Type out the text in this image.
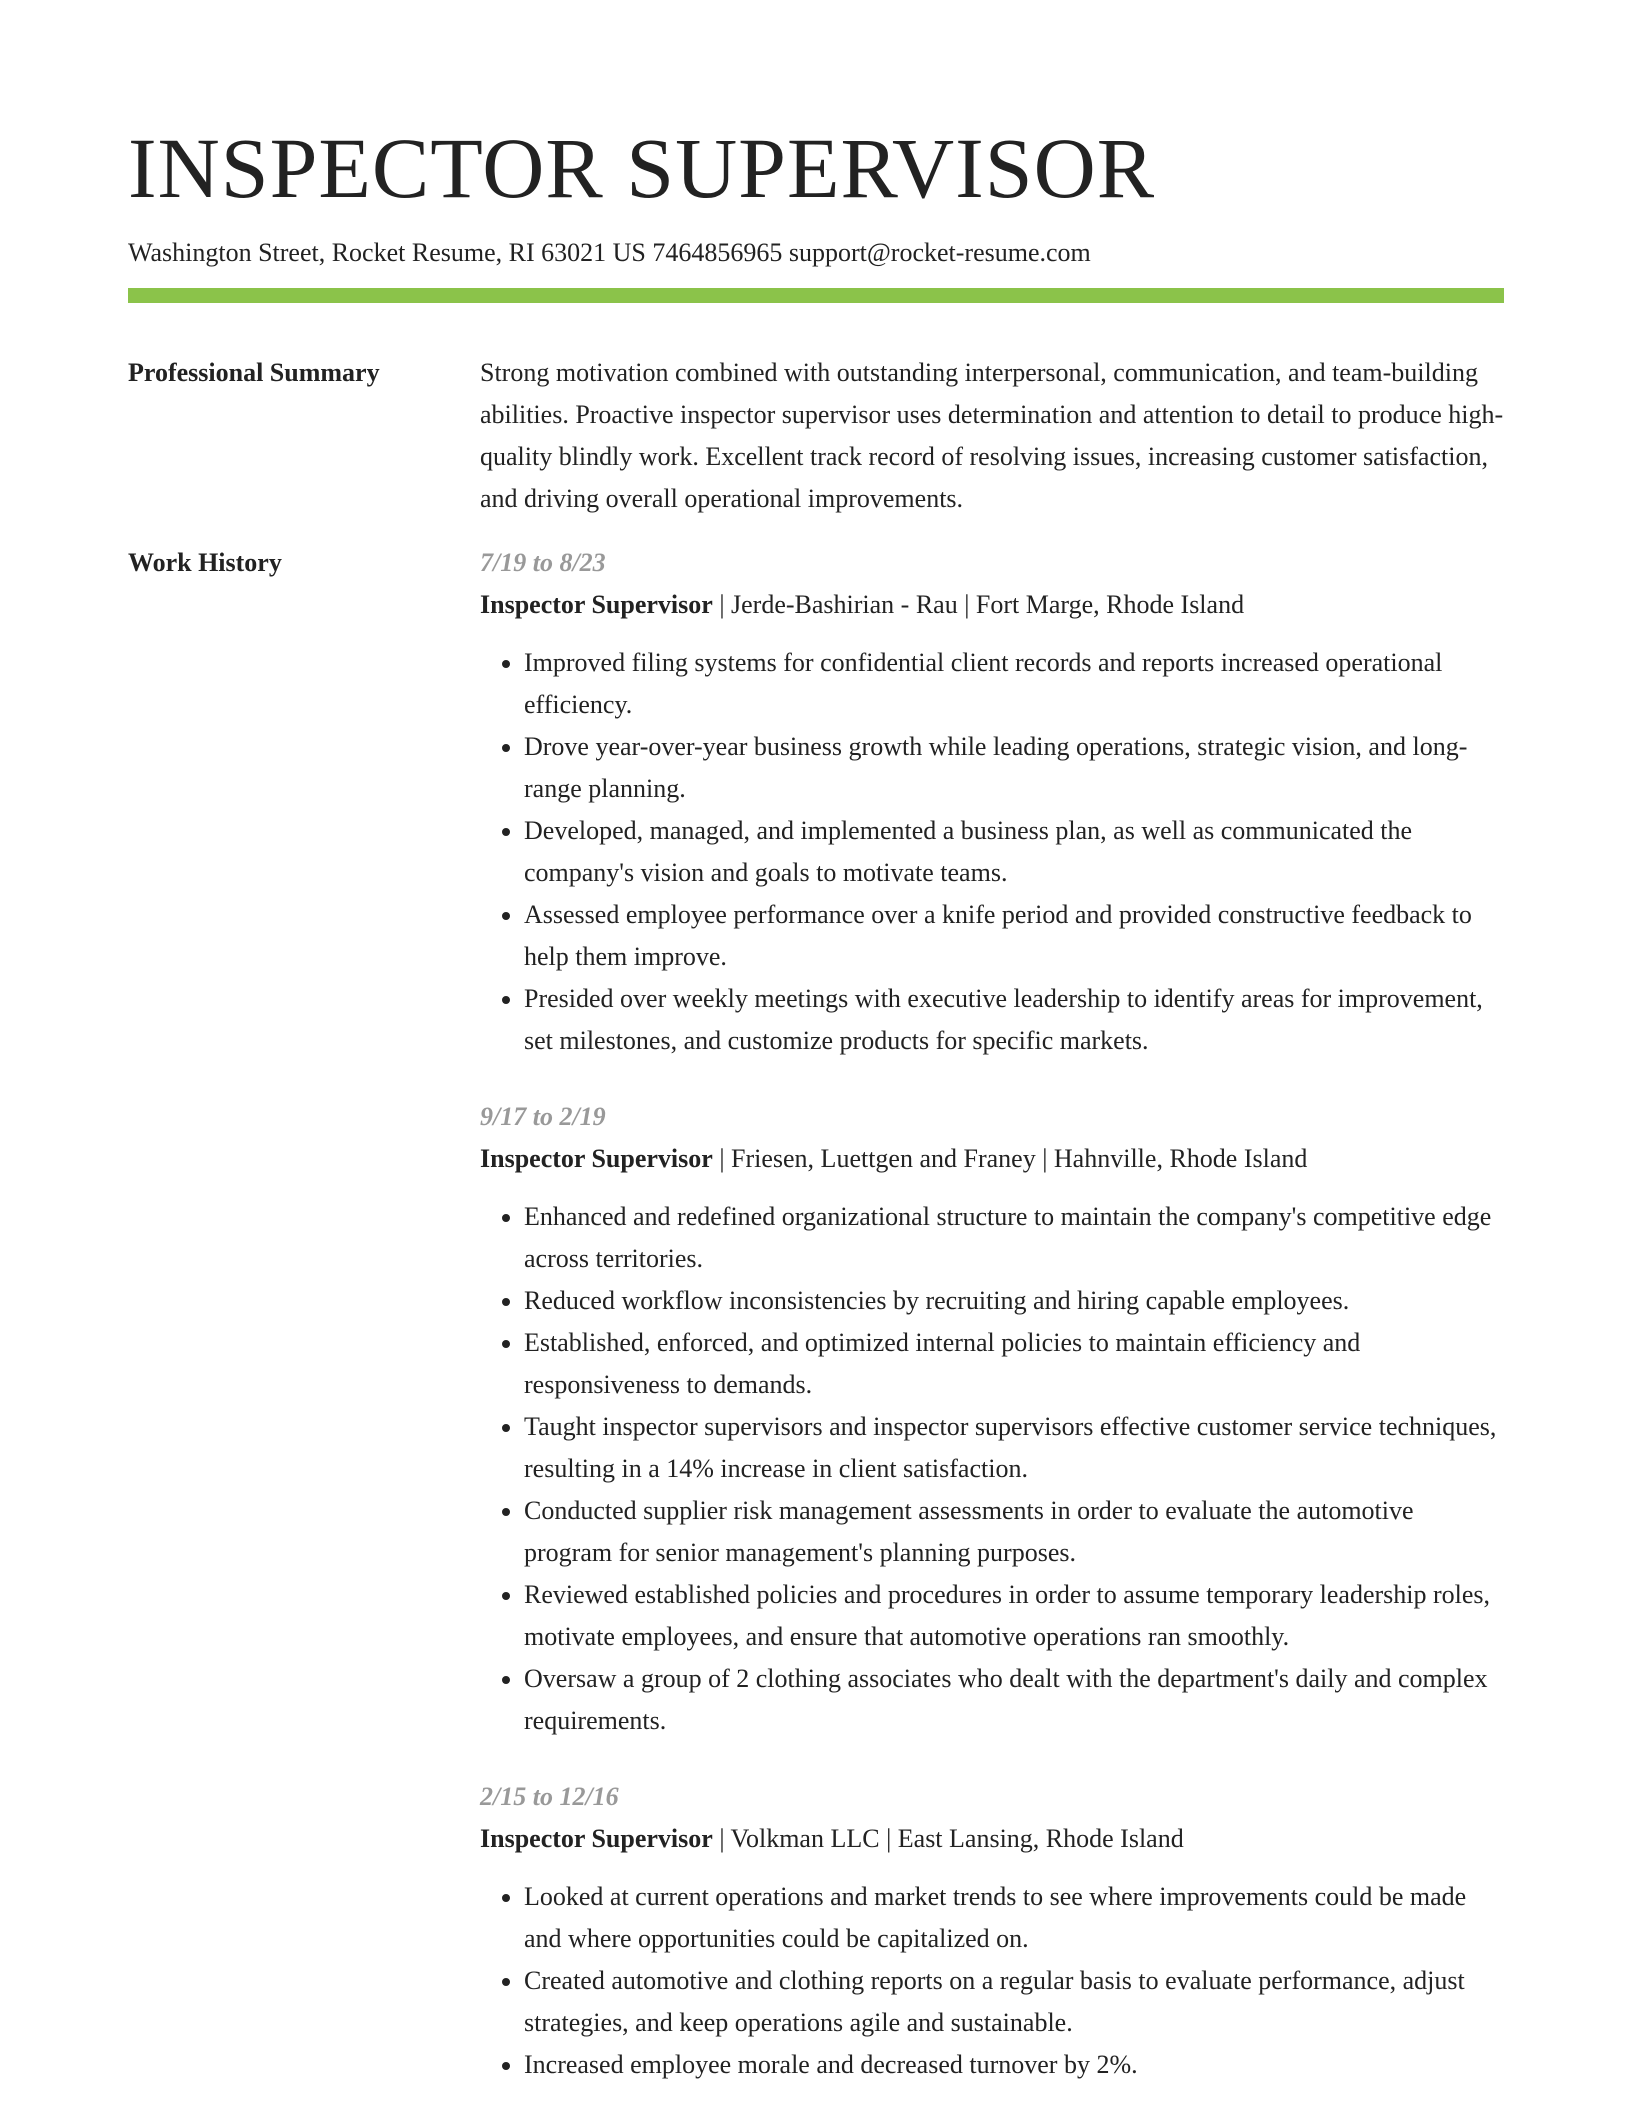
INSPECTOR SUPERVISOR
Washington Street, Rocket Resume, RI 63021 US 7464856965 support@rocket-resume.com
Professional Summary	Strong motivation combined with outstanding interpersonal, communication, and team-building abilities. Proactive inspector supervisor uses determination and attention to detail to produce high-quality blindly work. Excellent track record of resolving issues, increasing customer satisfaction, and driving overall operational improvements.
Work History	7/19 to 8/23
Inspector Supervisor | Jerde-Bashirian - Rau | Fort Marge, Rhode Island
• Improved filing systems for confidential client records and reports increased operational efficiency.
• Drove year-over-year business growth while leading operations, strategic vision, and long-range planning.
• Developed, managed, and implemented a business plan, as well as communicated the company's vision and goals to motivate teams.
• Assessed employee performance over a knife period and provided constructive feedback to help them improve.
• Presided over weekly meetings with executive leadership to identify areas for improvement, set milestones, and customize products for specific markets.
9/17 to 2/19
Inspector Supervisor | Friesen, Luettgen and Franey | Hahnville, Rhode Island
• Enhanced and redefined organizational structure to maintain the company's competitive edge across territories.
• Reduced workflow inconsistencies by recruiting and hiring capable employees.
• Established, enforced, and optimized internal policies to maintain efficiency and responsiveness to demands.
• Taught inspector supervisors and inspector supervisors effective customer service techniques, resulting in a 14% increase in client satisfaction.
• Conducted supplier risk management assessments in order to evaluate the automotive program for senior management's planning purposes.
• Reviewed established policies and procedures in order to assume temporary leadership roles, motivate employees, and ensure that automotive operations ran smoothly.
• Oversaw a group of 2 clothing associates who dealt with the department's daily and complex requirements.
2/15 to 12/16
Inspector Supervisor | Volkman LLC | East Lansing, Rhode Island
• Looked at current operations and market trends to see where improvements could be made and where opportunities could be capitalized on.
• Created automotive and clothing reports on a regular basis to evaluate performance, adjust strategies, and keep operations agile and sustainable.
• Increased employee morale and decreased turnover by 2%.
